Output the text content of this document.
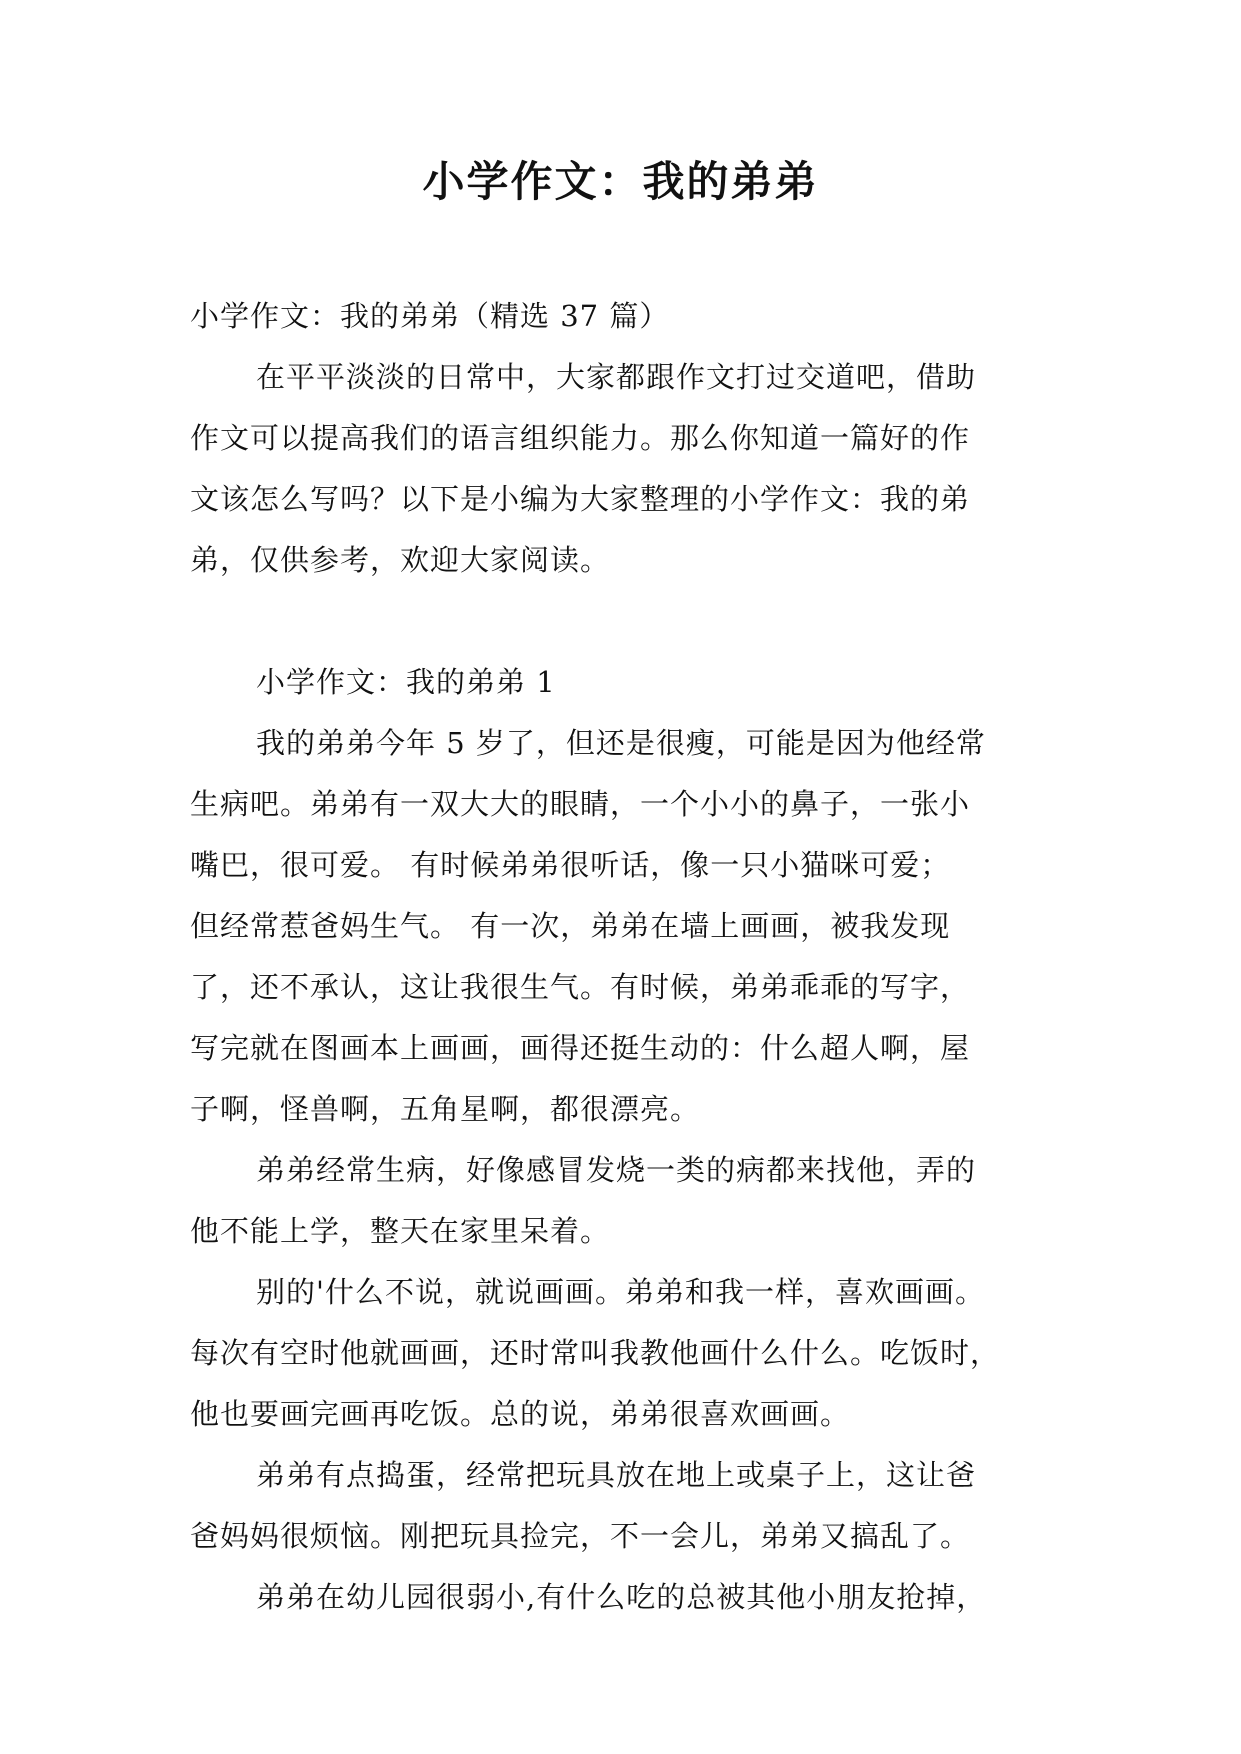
小学作文：我的弟弟
小学作文：我的弟弟（精选 37 篇）
在平平淡淡的日常中，大家都跟作文打过交道吧，借助
作文可以提高我们的语言组织能力。那么你知道一篇好的作
文该怎么写吗？以下是小编为大家整理的小学作文：我的弟
弟，仅供参考，欢迎大家阅读。
小学作文：我的弟弟 1
我的弟弟今年 5 岁了，但还是很瘦，可能是因为他经常
生病吧。弟弟有一双大大的眼睛，一个小小的鼻子，一张小
嘴巴，很可爱。 有时候弟弟很听话，像一只小猫咪可爱；
但经常惹爸妈生气。 有一次，弟弟在墙上画画，被我发现
了，还不承认，这让我很生气。有时候，弟弟乖乖的写字，
写完就在图画本上画画，画得还挺生动的：什么超人啊，屋
子啊，怪兽啊，五角星啊，都很漂亮。
弟弟经常生病，好像感冒发烧一类的病都来找他，弄的
他不能上学，整天在家里呆着。
别的'什么不说，就说画画。弟弟和我一样，喜欢画画。
每次有空时他就画画，还时常叫我教他画什么什么。吃饭时，
他也要画完画再吃饭。总的说，弟弟很喜欢画画。
弟弟有点捣蛋，经常把玩具放在地上或桌子上，这让爸
爸妈妈很烦恼。刚把玩具捡完，不一会儿，弟弟又搞乱了。
弟弟在幼儿园很弱小,有什么吃的总被其他小朋友抢掉，
